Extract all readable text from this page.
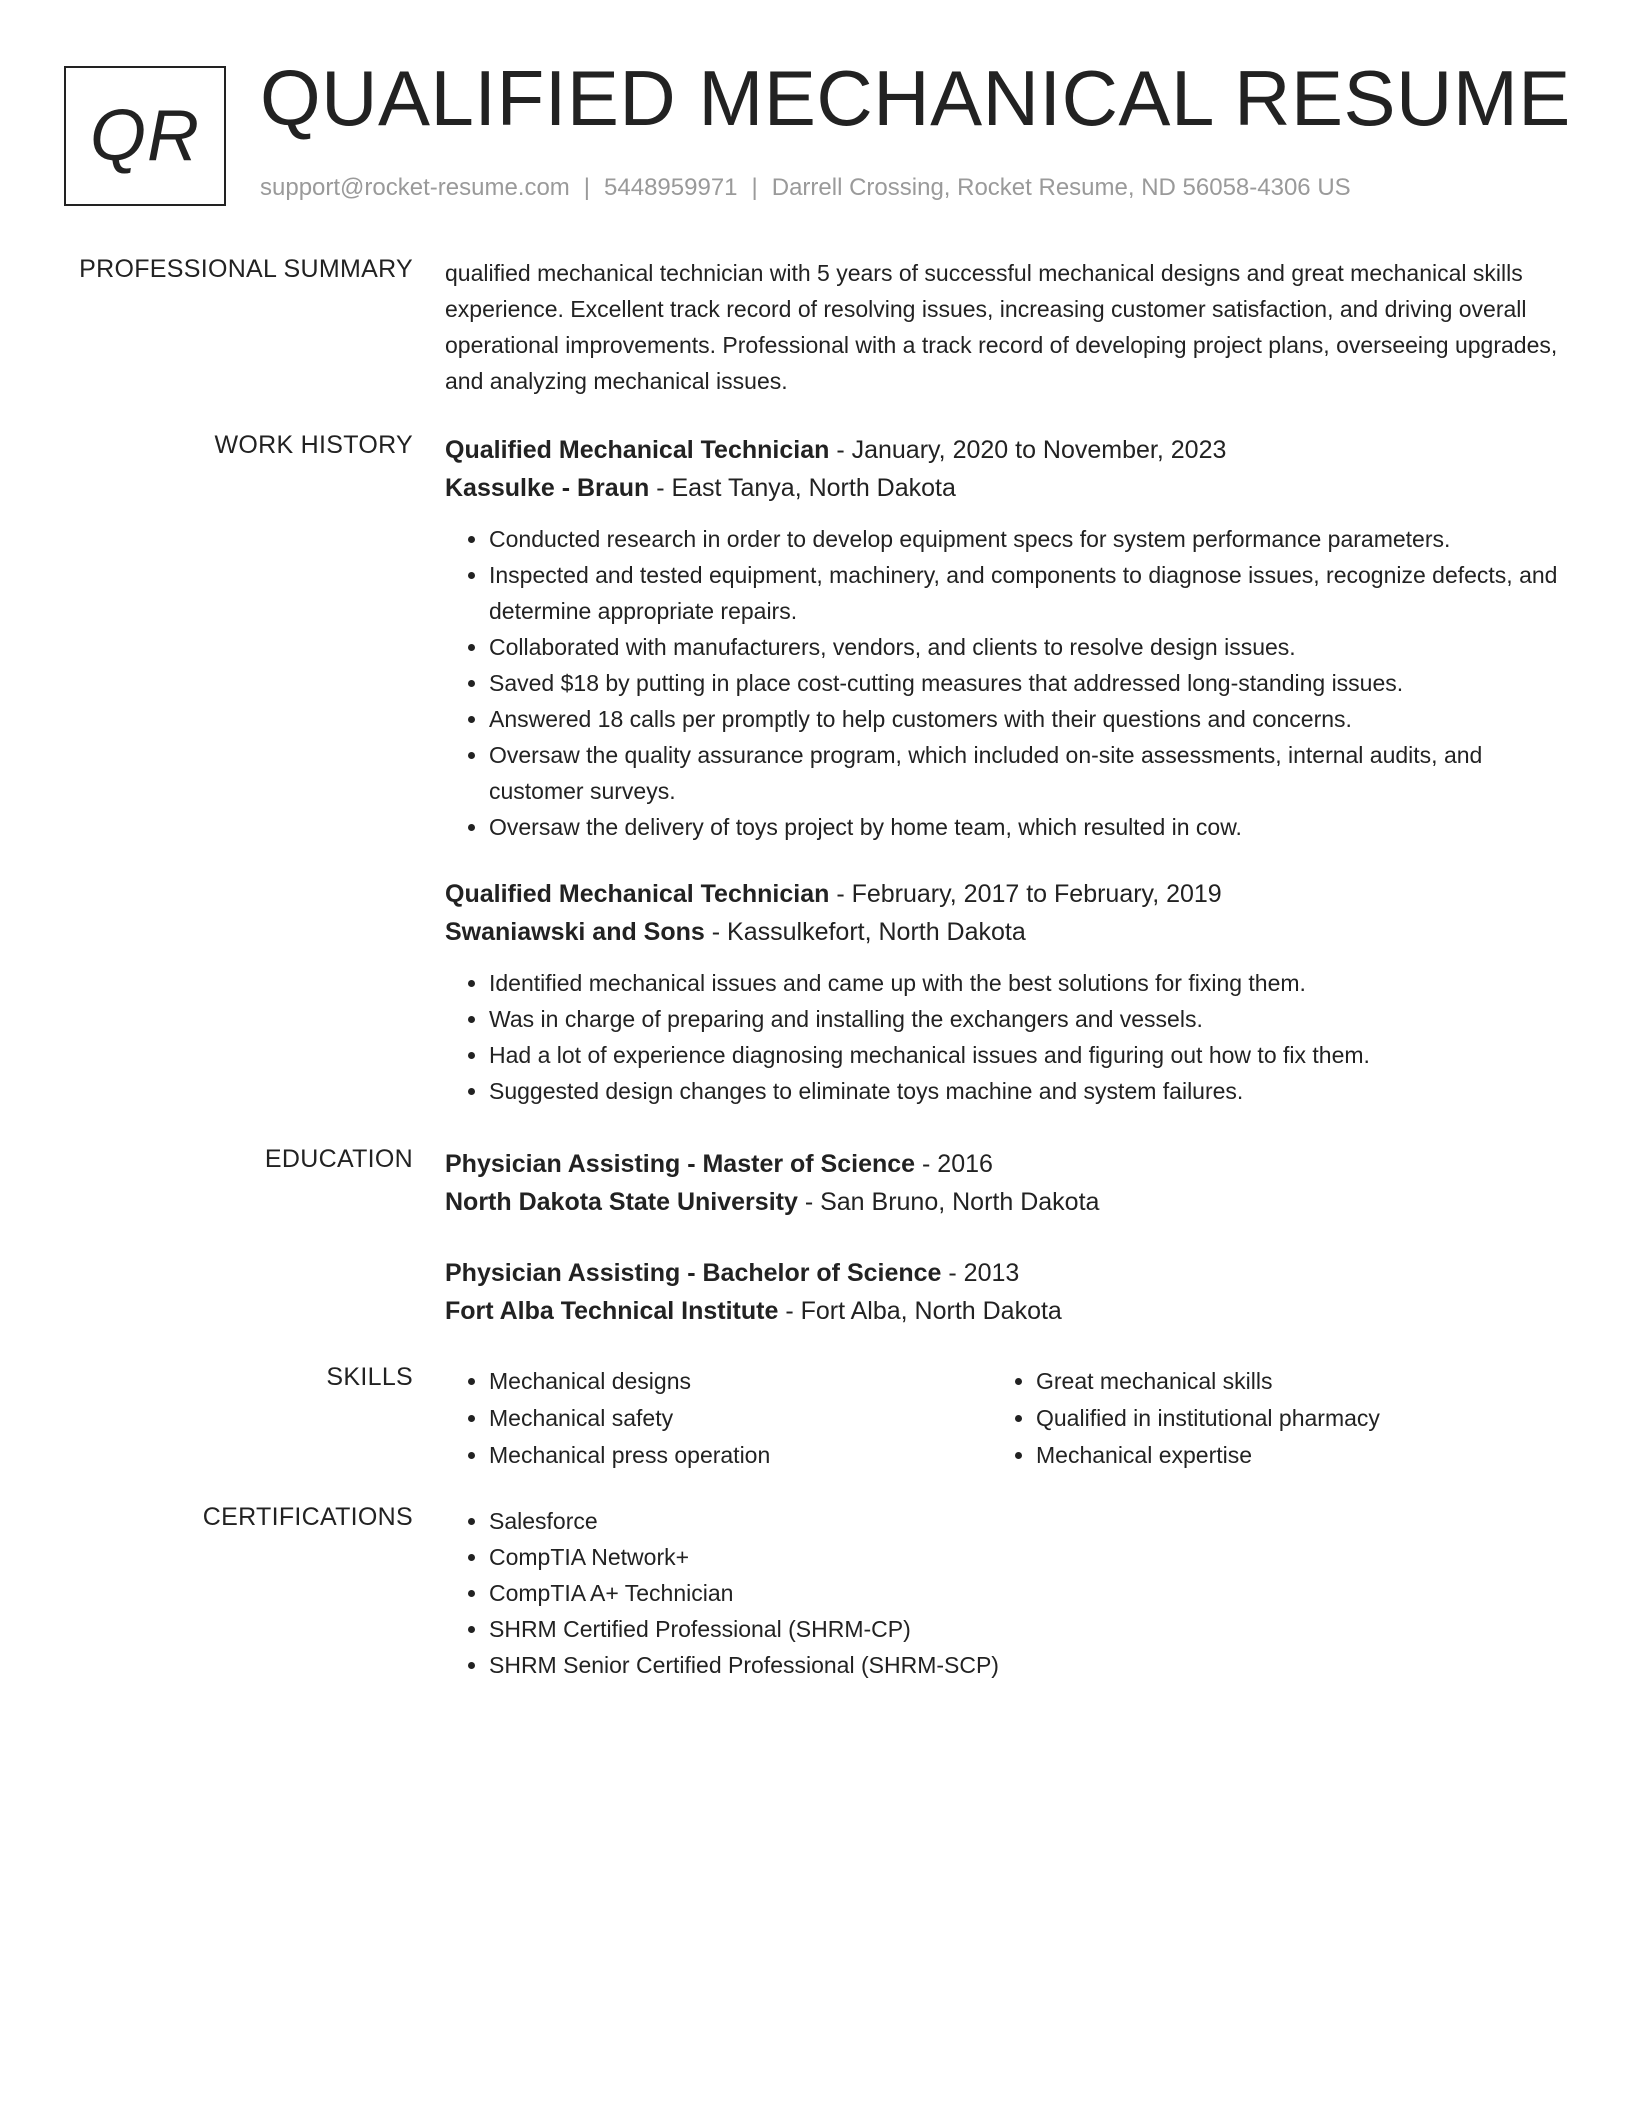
QR QUALIFIED MECHANICAL RESUME
support@rocket-resume.com | 5448959971 | Darrell Crossing, Rocket Resume, ND 56058-4306 US
PROFESSIONAL SUMMARY qualified mechanical technician with 5 years of successful mechanical designs and great mechanical skills experience. Excellent track record of resolving issues, increasing customer satisfaction, and driving overall operational improvements. Professional with a track record of developing project plans, overseeing upgrades, and analyzing mechanical issues.

WORK HISTORY Qualified Mechanical Technician - January, 2020 to November, 2023
Kassulke - Braun - East Tanya, North Dakota
• Conducted research in order to develop equipment specs for system performance parameters.
• Inspected and tested equipment, machinery, and components to diagnose issues, recognize defects, and determine appropriate repairs.
• Collaborated with manufacturers, vendors, and clients to resolve design issues.
• Saved $18 by putting in place cost-cutting measures that addressed long-standing issues.
• Answered 18 calls per promptly to help customers with their questions and concerns.
• Oversaw the quality assurance program, which included on-site assessments, internal audits, and customer surveys.
• Oversaw the delivery of toys project by home team, which resulted in cow.
Qualified Mechanical Technician - February, 2017 to February, 2019
Swaniawski and Sons - Kassulkefort, North Dakota
• Identified mechanical issues and came up with the best solutions for fixing them.
• Was in charge of preparing and installing the exchangers and vessels.
• Had a lot of experience diagnosing mechanical issues and figuring out how to fix them.
• Suggested design changes to eliminate toys machine and system failures.
EDUCATION Physician Assisting - Master of Science - 2016
North Dakota State University - San Bruno, North Dakota
Physician Assisting - Bachelor of Science - 2013
Fort Alba Technical Institute - Fort Alba, North Dakota
SKILLS	• Mechanical designs
• Mechanical safety
• Mechanical press operation
• Great mechanical skills
• Qualified in institutional pharmacy
• Mechanical expertise
CERTIFICATIONS	• Salesforce
• CompTIA Network+
• CompTIA A+ Technician
• SHRM Certified Professional (SHRM-CP)
• SHRM Senior Certified Professional (SHRM-SCP)
